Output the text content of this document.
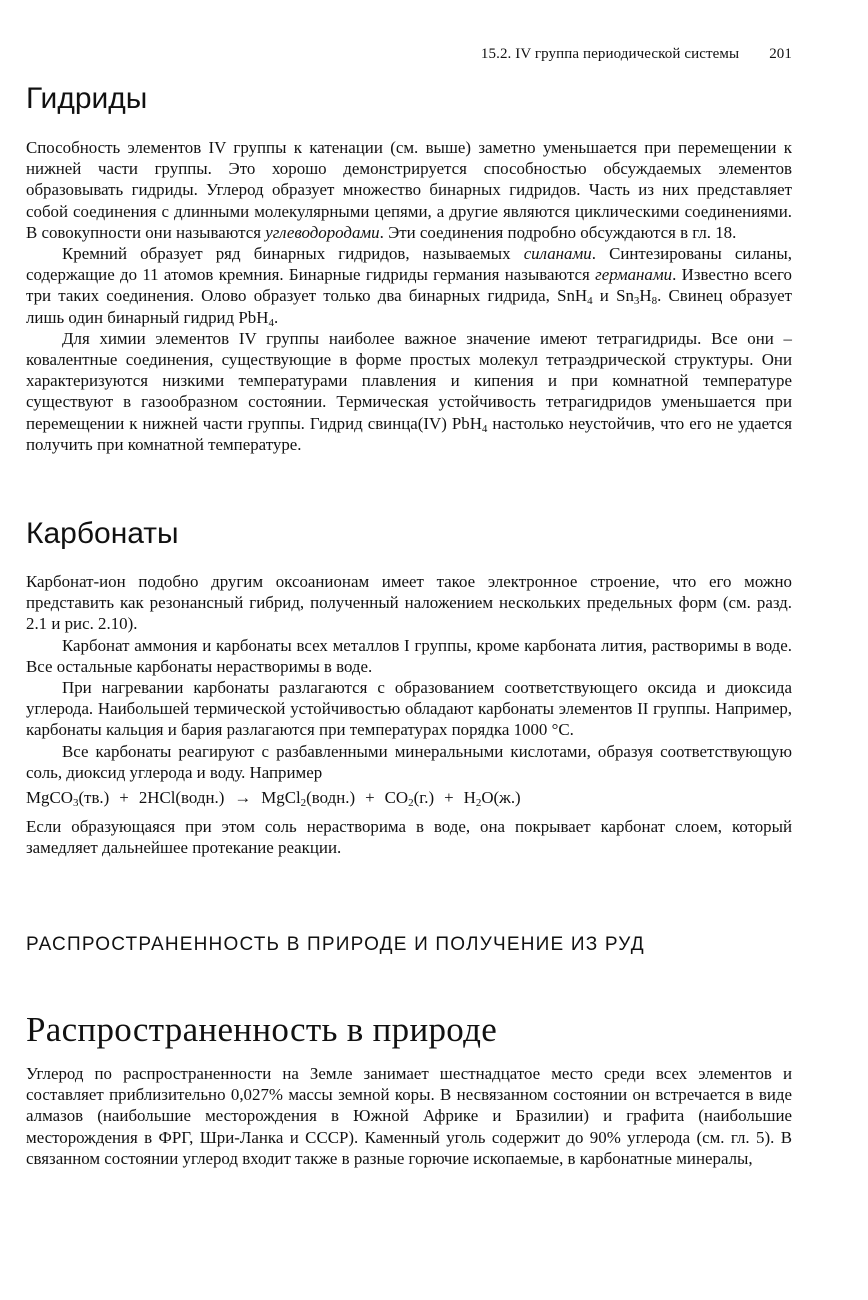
15.2. IV группа периодической системы 201
Гидриды

Способность элементов IV группы к катенации (см. выше) заметно уменьшается при перемещении к нижней части группы. Это хорошо демонстрируется способностью обсуждаемых элементов образовывать гидриды. Углерод образует множество бинарных гидридов. Часть из них представляет собой соединения с длинными молекулярными цепями, а другие являются циклическими соединениями. В совокупности они называются углеводородами. Эти соединения подробно обсуждаются в гл. 18.

Кремний образует ряд бинарных гидридов, называемых силанами. Синтезированы силаны, содержащие до 11 атомов кремния. Бинарные гидриды германия называются германами. Известно всего три таких соединения. Олово образует только два бинарных гидрида, SnH$_4$ и $Sn_3H_8$. Свинец образует лишь один бинарный гидрид PbH$_4$.

Для химии элементов IV группы наиболее важное значение имеют тетрагидриды. Все они – ковалентные соединения, существующие в форме простых молекул тетраэдрической структуры. Они характеризуются низкими температурами плавления и кипения и при комнатной температуре существуют в газообразном состоянии. Термическая устойчивость тетрагидридов уменьшается при перемещении к нижней части группы. Гидрид свинца(IV) PbH$_4$ настолько неустойчив, что его не удается получить при комнатной температуре.

Карбонаты

Карбонат-ион подобно другим оксоанионам имеет такое электронное строение, что его можно представить как резонансный гибрид, полученный наложением нескольких предельных форм (см. разд. 2.1 и рис. 2.10).

Карбонат аммония и карбонаты всех металлов I группы, кроме карбоната лития, растворимы в воде. Все остальные карбонаты нерастворимы в воде.

При нагревании карбонаты разлагаются с образованием соответствующего оксида и диоксида углерода. Наибольшей термической устойчивостью обладают карбонаты элементов II группы. Например, карбонаты кальция и бария разлагаются при температурах порядка 1000 °С.

Все карбонаты реагируют с разбавленными минеральными кислотами, образуя соответствующую соль, диоксид углерода и воду. Например

MgCO$_3$(тв.) + 2HCl(водн.) → MgCl$_2$(водн.) + $CO_2(г.) + H_2O(ж.)$

Если образующаяся при этом соль нерастворима в воде, она покрывает карбонат слоем, который замедляет дальнейшее протекание реакции.

РАСПРОСТРАНЕННОСТЬ В ПРИРОДЕ И ПОЛУЧЕНИЕ ИЗ РУД
Распространенность в природе

Углерод по распространенности на Земле занимает шестнадцатое место среди всех элементов и составляет приблизительно 0,027% массы земной коры. В несвязанном состоянии он встречается в виде алмазов (наибольшие месторождения в Южной Африке и Бразилии) и графита (наибольшие месторождения в ФРГ, Шри-Ланка и СССР). Каменный уголь содержит до 90% углерода (см. гл. 5). В связанном состоянии углерод входит также в разные горючие ископаемые, в карбонатные минералы,
